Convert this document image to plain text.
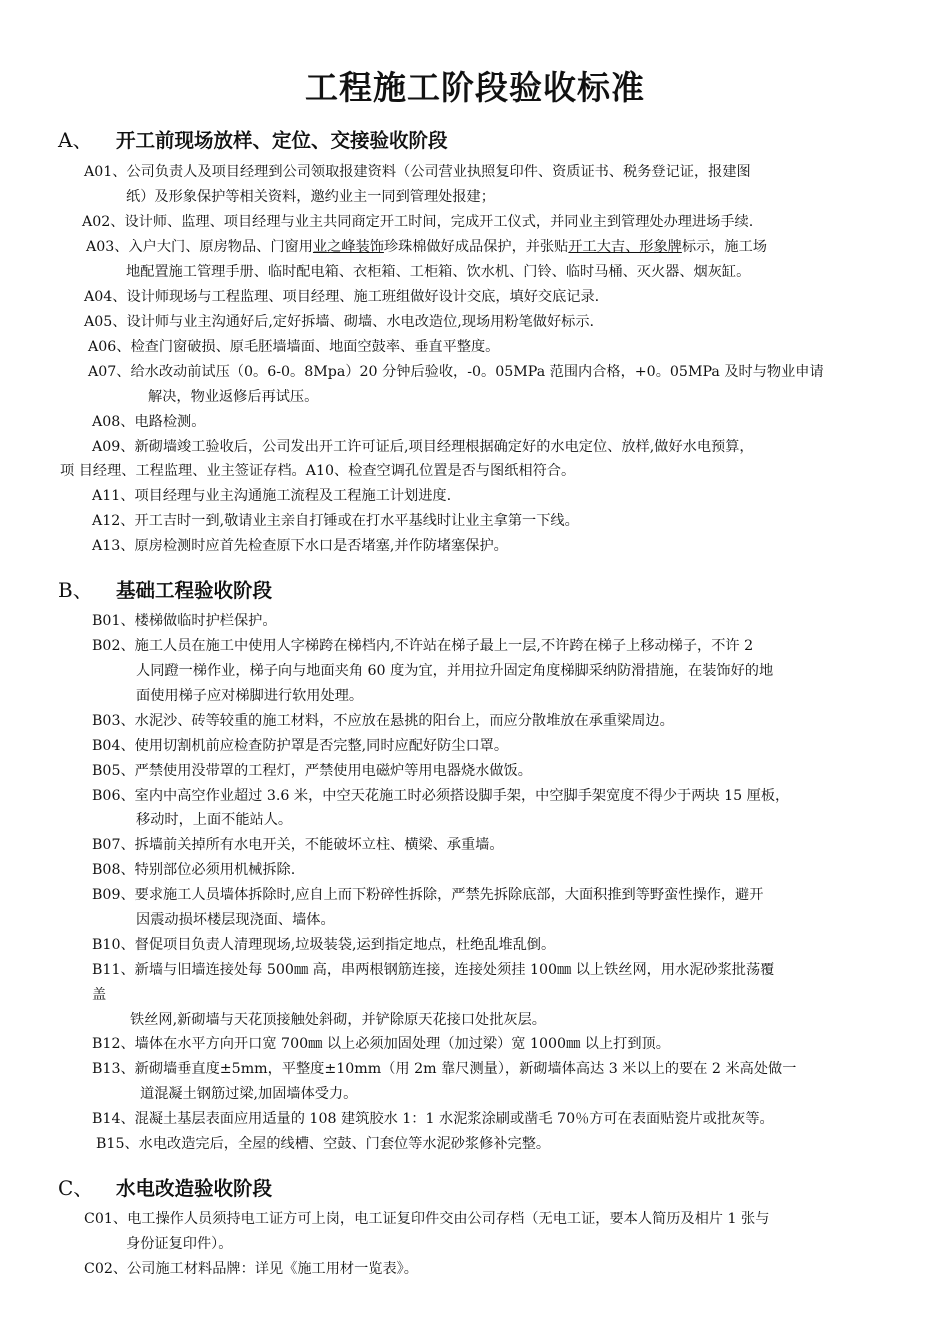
工程施工阶段验收标准
A、 开工前现场放样、定位、交接验收阶段
A01、公司负责人及项目经理到公司领取报建资料（公司营业执照复印件、资质证书、税务登记证，报建图
纸）及形象保护等相关资料，邀约业主一同到管理处报建；
A02、设计师、监理、项目经理与业主共同商定开工时间，完成开工仪式，并同业主到管理处办理进场手续.
A03、入户大门、原房物品、门窗用业之峰装饰珍珠棉做好成品保护，并张贴开工大吉、形象牌标示，施工场
地配置施工管理手册、临时配电箱、衣柜箱、工柜箱、饮水机、门铃、临时马桶、灭火器、烟灰缸。
A04、设计师现场与工程监理、项目经理、施工班组做好设计交底，填好交底记录.
A05、设计师与业主沟通好后,定好拆墙、砌墙、水电改造位,现场用粉笔做好标示.
A06、检查门窗破损、原毛胚墙墙面、地面空鼓率、垂直平整度。
A07、给水改动前试压（0。6-0。8Mpa）20 分钟后验收，-0。05MPa 范围内合格，+0。05MPa 及时与物业申请
解决，物业返修后再试压。
A08、电路检测。
A09、新砌墙竣工验收后，公司发出开工许可证后,项目经理根据确定好的水电定位、放样,做好水电预算，
项 目经理、工程监理、业主签证存档。A10、检查空调孔位置是否与图纸相符合。
A11、项目经理与业主沟通施工流程及工程施工计划进度.
A12、开工吉时一到,敬请业主亲自打锤或在打水平基线时让业主拿第一下线。
A13、原房检测时应首先检查原下水口是否堵塞,并作防堵塞保护。
B、 基础工程验收阶段
B01、楼梯做临时护栏保护。
B02、施工人员在施工中使用人字梯跨在梯档内,不许站在梯子最上一层,不许跨在梯子上移动梯子，不许 2
人同蹬一梯作业，梯子向与地面夹角 60 度为宜，并用拉升固定角度梯脚采纳防滑措施，在装饰好的地
面使用梯子应对梯脚进行软用处理。
B03、水泥沙、砖等较重的施工材料，不应放在悬挑的阳台上，而应分散堆放在承重梁周边。
B04、使用切割机前应检查防护罩是否完整,同时应配好防尘口罩。
B05、严禁使用没带罩的工程灯，严禁使用电磁炉等用电器烧水做饭。
B06、室内中高空作业超过 3.6 米，中空天花施工时必须搭设脚手架，中空脚手架宽度不得少于两块 15 厘板，
移动时，上面不能站人。
B07、拆墙前关掉所有水电开关，不能破坏立柱、横梁、承重墙。
B08、特别部位必须用机械拆除.
B09、要求施工人员墙体拆除时,应自上而下粉碎性拆除，严禁先拆除底部，大面积推到等野蛮性操作，避开
因震动损坏楼层现浇面、墙体。
B10、督促项目负责人清理现场,垃圾装袋,运到指定地点，杜绝乱堆乱倒。
B11、新墙与旧墙连接处每 500㎜ 高，串两根钢筋连接，连接处须挂 100㎜ 以上铁丝网，用水泥砂浆批荡覆
盖
铁丝网,新砌墙与天花顶接触处斜砌，并铲除原天花接口处批灰层。
B12、墙体在水平方向开口宽 700㎜ 以上必须加固处理（加过梁）宽 1000㎜ 以上打到顶。
B13、新砌墙垂直度±5mm，平整度±10mm（用 2m 靠尺测量），新砌墙体高达 3 米以上的要在 2 米高处做一
道混凝土钢筋过梁,加固墙体受力。
B14、混凝土基层表面应用适量的 108 建筑胶水 1：1 水泥浆涂刷或凿毛 70％方可在表面贴瓷片或批灰等。
B15、水电改造完后，全屋的线槽、空鼓、门套位等水泥砂浆修补完整。
C、 水电改造验收阶段
C01、电工操作人员须持电工证方可上岗，电工证复印件交由公司存档（无电工证，要本人简历及相片 1 张与
身份证复印件）。
C02、公司施工材料品牌：详见《施工用材一览表》。
